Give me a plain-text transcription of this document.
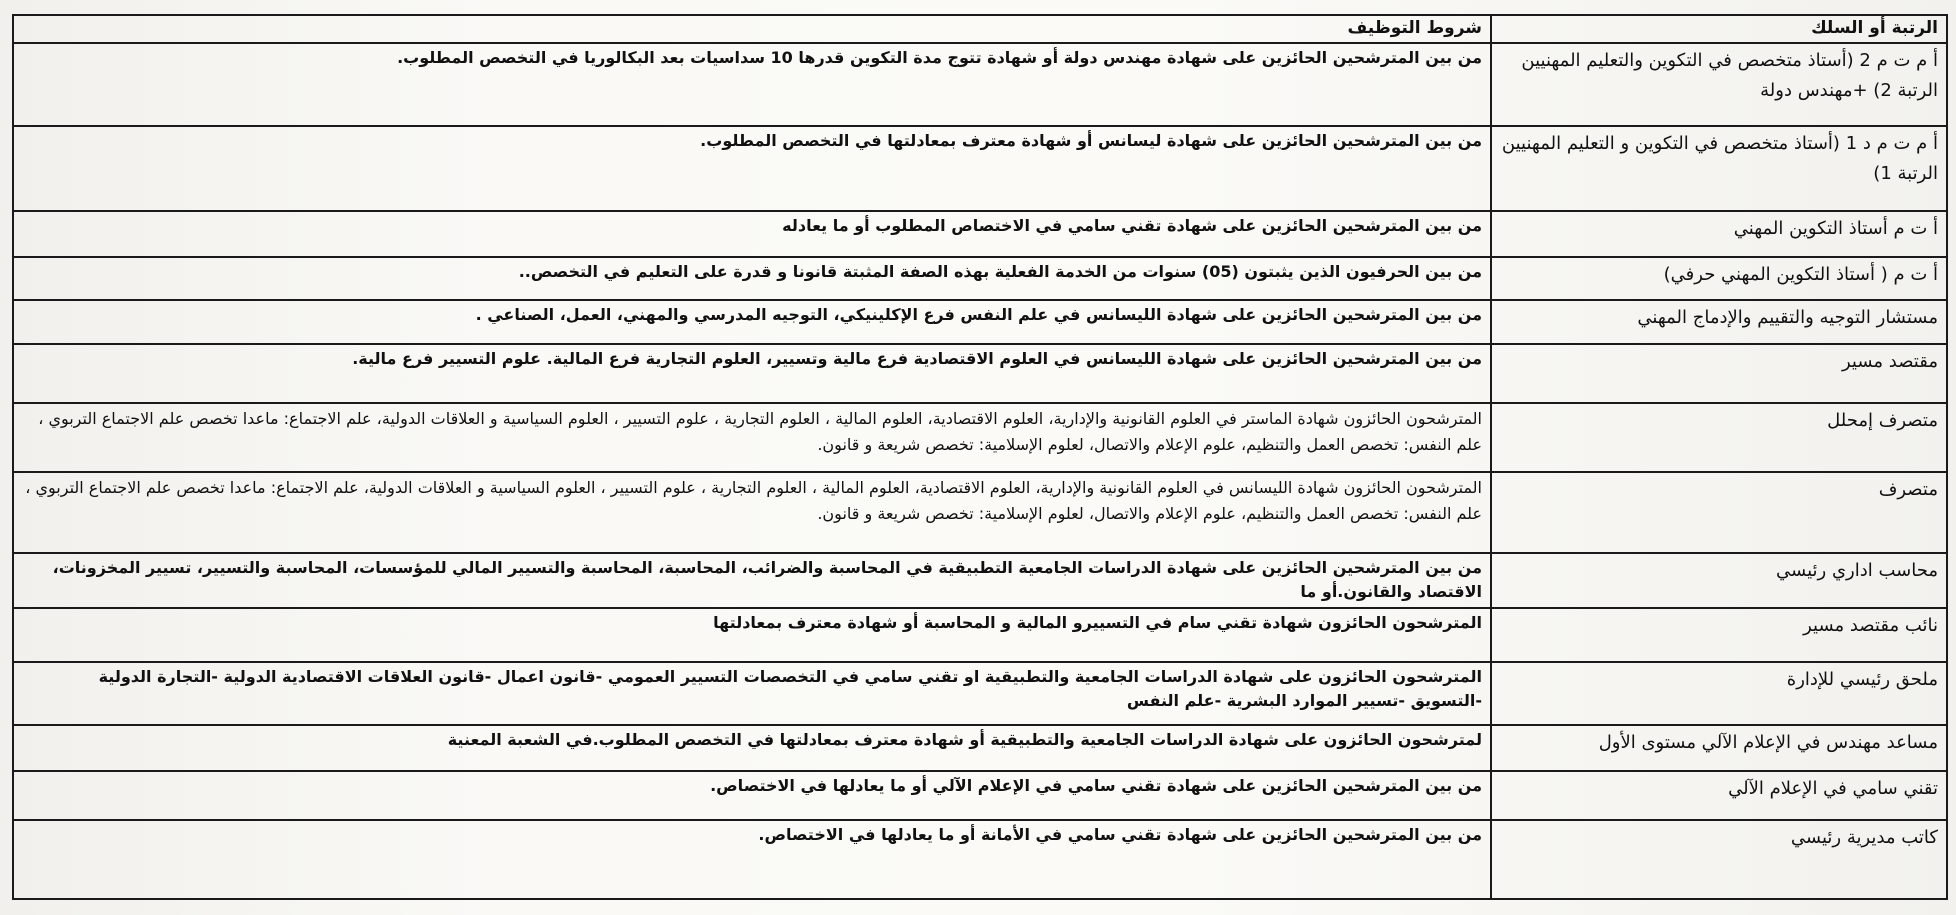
الرتبة أو السلك	شروط التوظيف
أ م ت م 2 (أستاذ متخصص في التكوين والتعليم المهنيين الرتبة 2) +مهندس دولة	من بين المترشحين الحائزين على شهادة مهندس دولة أو شهادة تتوج مدة التكوين قدرها 10 سداسيات بعد البكالوريا في التخصص المطلوب.
أ م ت م د 1 (أستاذ متخصص في التكوين و التعليم المهنيين الرتبة 1)	من بين المترشحين الحائزين على شهادة ليسانس أو شهادة معترف بمعادلتها في التخصص المطلوب.
أ ت م أستاذ التكوين المهني	من بين المترشحين الحائزين على شهادة تقني سامي في الاختصاص المطلوب أو ما يعادله
أ ت م ( أستاذ التكوين المهني حرفي)	من بين الحرفيون الذين يثبتون (05) سنوات من الخدمة الفعلية بهذه الصفة المثبتة قانونا و قدرة على التعليم في التخصص..
مستشار التوجيه والتقييم والإدماج المهني	من بين المترشحين الحائزين على شهادة الليسانس في علم النفس فرع الإكلينيكي، التوجيه المدرسي والمهني، العمل، الصناعي .
مقتصد مسير	من بين المترشحين الحائزين على شهادة الليسانس في العلوم الاقتصادية فرع مالية وتسيير، العلوم التجارية فرع المالية. علوم التسيير فرع مالية.
متصرف إمحلل	المترشحون الحائزون شهادة الماستر في العلوم القانونية والإدارية، العلوم الاقتصادية، العلوم المالية ، العلوم التجارية ، علوم التسيير ، العلوم السياسية و العلاقات الدولية، علم الاجتماع: ماعدا تخصص علم الاجتماع التربوي ، علم النفس: تخصص العمل والتنظيم، علوم الإعلام والاتصال، لعلوم الإسلامية: تخصص شريعة و قانون.
متصرف	المترشحون الحائزون شهادة الليسانس في العلوم القانونية والإدارية، العلوم الاقتصادية، العلوم المالية ، العلوم التجارية ، علوم التسيير ، العلوم السياسية و العلاقات الدولية، علم الاجتماع: ماعدا تخصص علم الاجتماع التربوي ، علم النفس: تخصص العمل والتنظيم، علوم الإعلام والاتصال، لعلوم الإسلامية: تخصص شريعة و قانون.
محاسب اداري رئيسي	من بين المترشحين الحائزين على شهادة الدراسات الجامعية التطبيقية في المحاسبة والضرائب، المحاسبة، المحاسبة والتسيير المالي للمؤسسات، المحاسبة والتسيير، تسيير المخزونات، الاقتصاد والقانون.أو ما
نائب مقتصد مسير	المترشحون الحائزون شهادة تقني سام في التسييرو المالية و المحاسبة أو شهادة معترف بمعادلتها
ملحق رئيسي للإدارة	المترشحون الحائزون على شهادة الدراسات الجامعية والتطبيقية او تقني سامي في التخصصات التسيير العمومي -قانون اعمال -قانون العلاقات الاقتصادية الدولية -التجارة الدولية -التسويق -تسيير الموارد البشرية -علم النفس
مساعد مهندس في الإعلام الآلي مستوى الأول	لمترشحون الحائزون على شهادة الدراسات الجامعية والتطبيقية أو شهادة معترف بمعادلتها في التخصص المطلوب.في الشعبة المعنية
تقني سامي في الإعلام الآلي	من بين المترشحين الحائزين على شهادة تقني سامي في الإعلام الآلي أو ما يعادلها في الاختصاص.
كاتب مديرية رئيسي	من بين المترشحين الحائزين على شهادة تقني سامي في الأمانة أو ما يعادلها في الاختصاص.
